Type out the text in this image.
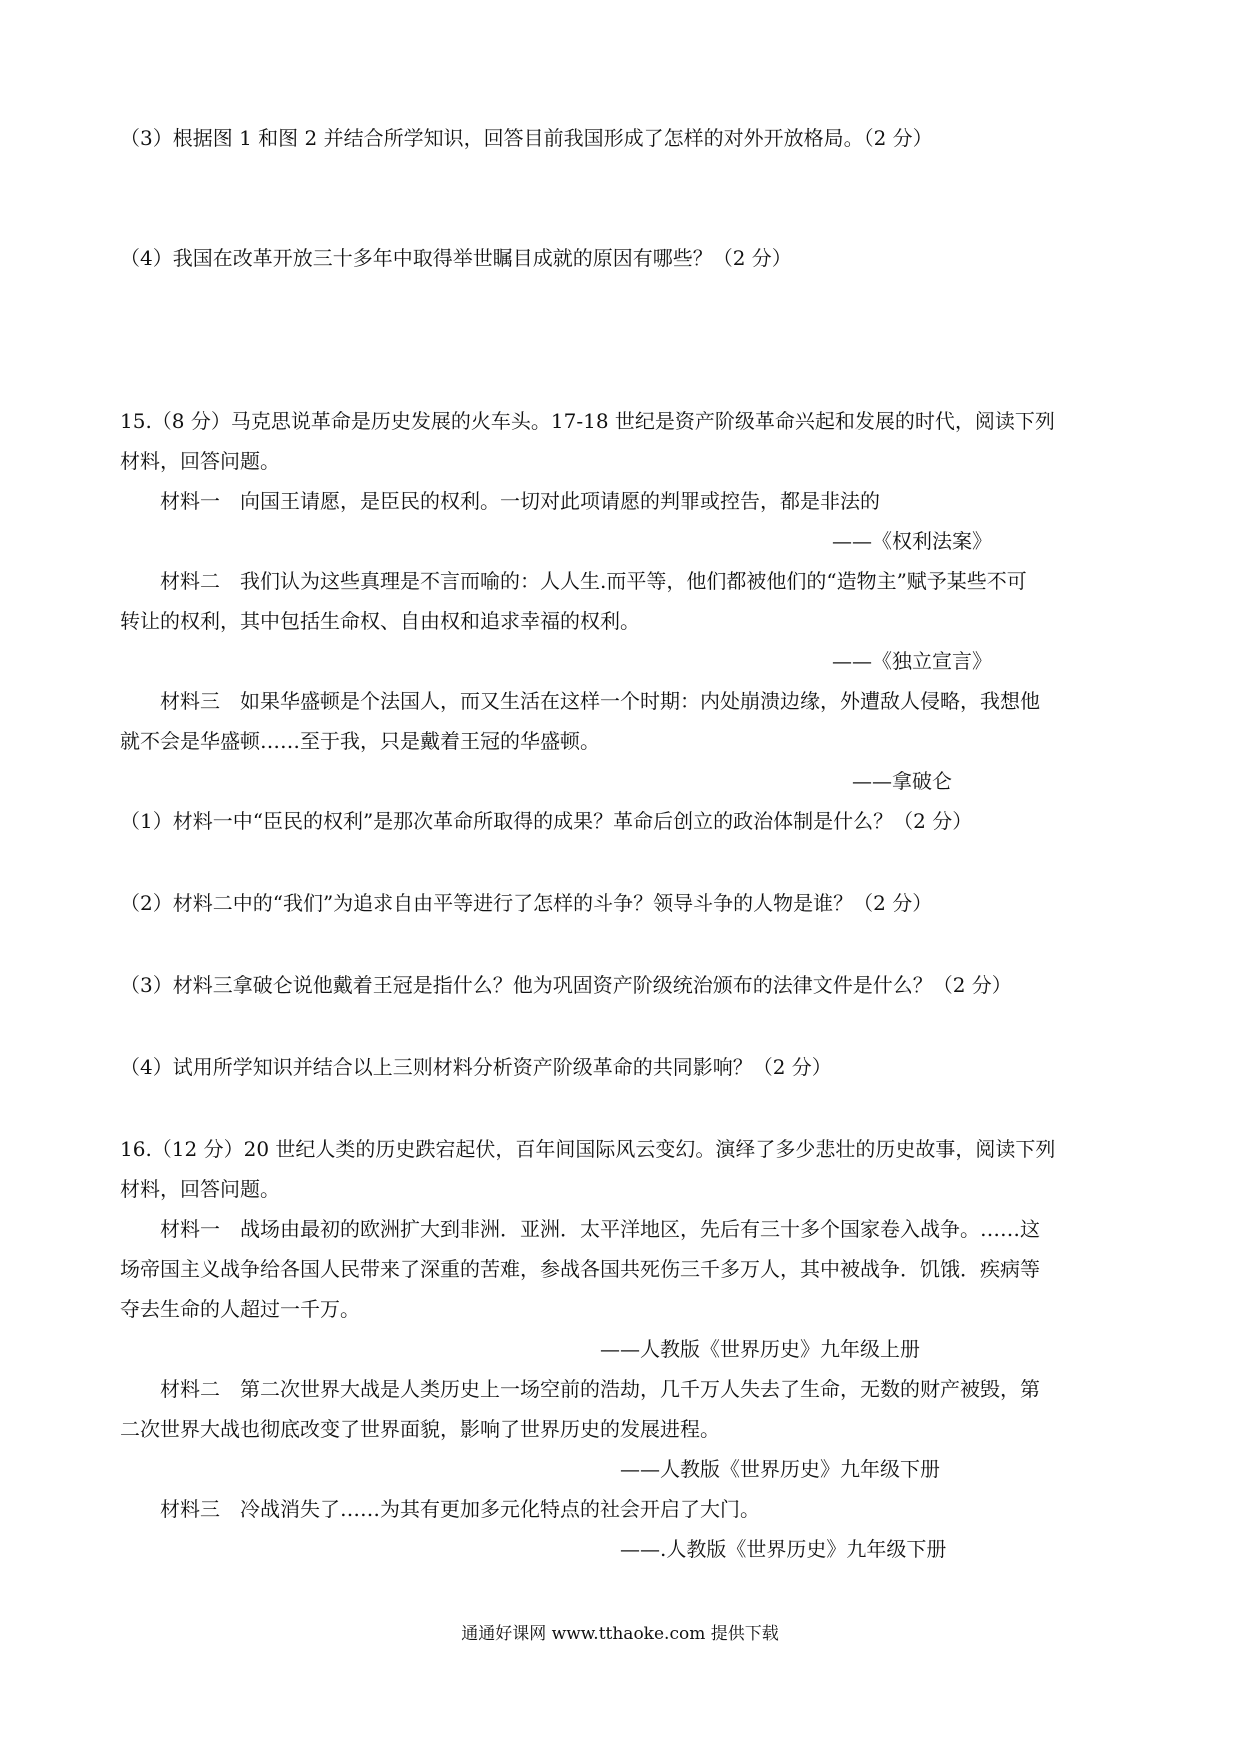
（3）根据图 1 和图 2 并结合所学知识，回答目前我国形成了怎样的对外开放格局。（2 分）
（4）我国在改革开放三十多年中取得举世瞩目成就的原因有哪些？（2 分）
15.（8 分）马克思说革命是历史发展的火车头。17-18 世纪是资产阶级革命兴起和发展的时代，阅读下列
材料，回答问题。
材料一　向国王请愿，是臣民的权利。一切对此项请愿的判罪或控告，都是非法的
——《权利法案》
材料二　我们认为这些真理是不言而喻的：人人生.而平等，他们都被他们的“造物主”赋予某些不可
转让的权利，其中包括生命权、自由权和追求幸福的权利。
——《独立宣言》
材料三　如果华盛顿是个法国人，而又生活在这样一个时期：内处崩溃边缘，外遭敌人侵略，我想他
就不会是华盛顿……至于我，只是戴着王冠的华盛顿。
——拿破仑
（1）材料一中“臣民的权利”是那次革命所取得的成果？革命后创立的政治体制是什么？（2 分）
（2）材料二中的“我们”为追求自由平等进行了怎样的斗争？领导斗争的人物是谁？（2 分）
（3）材料三拿破仑说他戴着王冠是指什么？他为巩固资产阶级统治颁布的法律文件是什么？（2 分）
（4）试用所学知识并结合以上三则材料分析资产阶级革命的共同影响？（2 分）
16.（12 分）20 世纪人类的历史跌宕起伏，百年间国际风云变幻。演绎了多少悲壮的历史故事，阅读下列
材料，回答问题。
材料一　战场由最初的欧洲扩大到非洲．亚洲．太平洋地区，先后有三十多个国家卷入战争。……这
场帝国主义战争给各国人民带来了深重的苦难，参战各国共死伤三千多万人，其中被战争．饥饿．疾病等
夺去生命的人超过一千万。
——人教版《世界历史》九年级上册
材料二　第二次世界大战是人类历史上一场空前的浩劫，几千万人失去了生命，无数的财产被毁，第
二次世界大战也彻底改变了世界面貌，影响了世界历史的发展进程。
——人教版《世界历史》九年级下册
材料三　冷战消失了……为其有更加多元化特点的社会开启了大门。
——.人教版《世界历史》九年级下册
通通好课网 www.tthaoke.com 提供下载
